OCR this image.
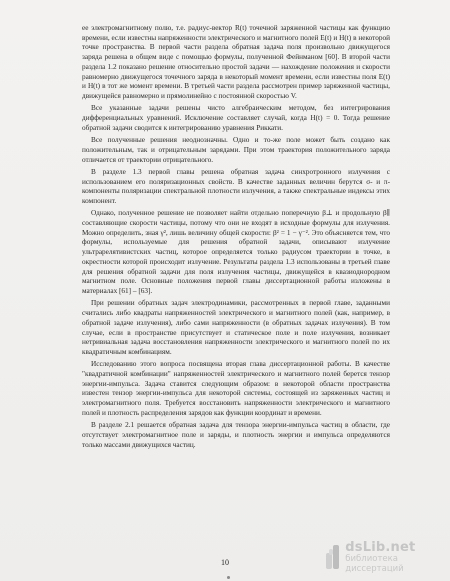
ее электромагнитному полю, т.е. радиус-вектор R(t) точечной заряженной частицы как функцию времени, если известны напряженности электрического и магнитного полей E(t) и H(t) в некоторой точке пространства. В первой части раздела обратная задача поля произвольно движущегося заряда решена в общем виде с помощью формулы, полученной Фейнманом [60]. В второй части раздела 1.2 показано решение относительно простой задачи — нахождение положения и скорости равномерно движущегося точечного заряда в некоторый момент времени, если известны поля E(t) и H(t) в тот же момент времени. В третьей части раздела рассмотрен пример заряженной частицы, движущейся равномерно и прямолинейно с постоянной скоростью V.

Все указанные задачи решены чисто алгебраическим методом, без интегрирования дифференциальных уравнений. Исключение составляет случай, когда H(t) = 0. Тогда решение обратной задачи сводится к интегрированию уравнения Риккати.

Все полученные решения неоднозначны. Одно и то-же поле может быть создано как положительным, так и отрицательным зарядами. При этом траектория положительного заряда отличается от траектории отрицательного.

В разделе 1.3 первой главы решена обратная задача синхротронного излучения с использованием его поляризационных свойств. В качестве заданных величин берутся σ- и π- компоненты поляризации спектральной плотности излучения, а также спектральные индексы этих компонент.

Однако, полученное решение не позволяет найти отдельно поперечную β⊥ и продольную β∥ составляющие скорости частицы, потому что они не входят в исходные формулы для излучения. Можно определить, зная γ², лишь величину общей скорости: β² = 1 − γ⁻². Это объясняется тем, что формулы, используемые для решения обратной задачи, описывают излучение ультрарелятивистских частиц, которое определяется только радиусом траектории в точке, в окрестности которой происходит излучение. Результаты раздела 1.3 использованы в третьей главе для решения обратной задачи для поля излучения частицы, движущейся в квазиоднородном магнитном поле. Основные положения первой главы диссертационной работы изложены в материалах [61] – [63].

При решении обратных задач электродинамики, рассмотренных в первой главе, заданными считались либо квадраты напряженностей электрического и магнитного полей (как, например, в обратной задаче излучения), либо сами напряженности (в обратных задачах излучения). В том случае, если в пространстве присутствует и статическое поле и поле излучения, возникает нетривиальная задача восстановления напряженности электрического и магнитного полей по их квадратичным комбинациям.

Исследованию этого вопроса посвящена вторая глава диссертационной работы. В качестве "квадратичной комбинации" напряженностей электрического и магнитного полей берется тензор энергии-импульса. Задача ставится следующим образом: в некоторой области пространства известен тензор энергии-импульса для некоторой системы, состоящей из заряженных частиц и электромагнитного поля. Требуется восстановить напряженности электрического и магнитного полей и плотность распределения зарядов как функции координат и времени.

В разделе 2.1 решается обратная задача для тензора энергии-импульса частиц в области, где отсутствует электромагнитное поле и заряды, и плотность энергии и импульса определяются только массами движущихся частиц.

10
dsLib.net
библиотека диссертаций
